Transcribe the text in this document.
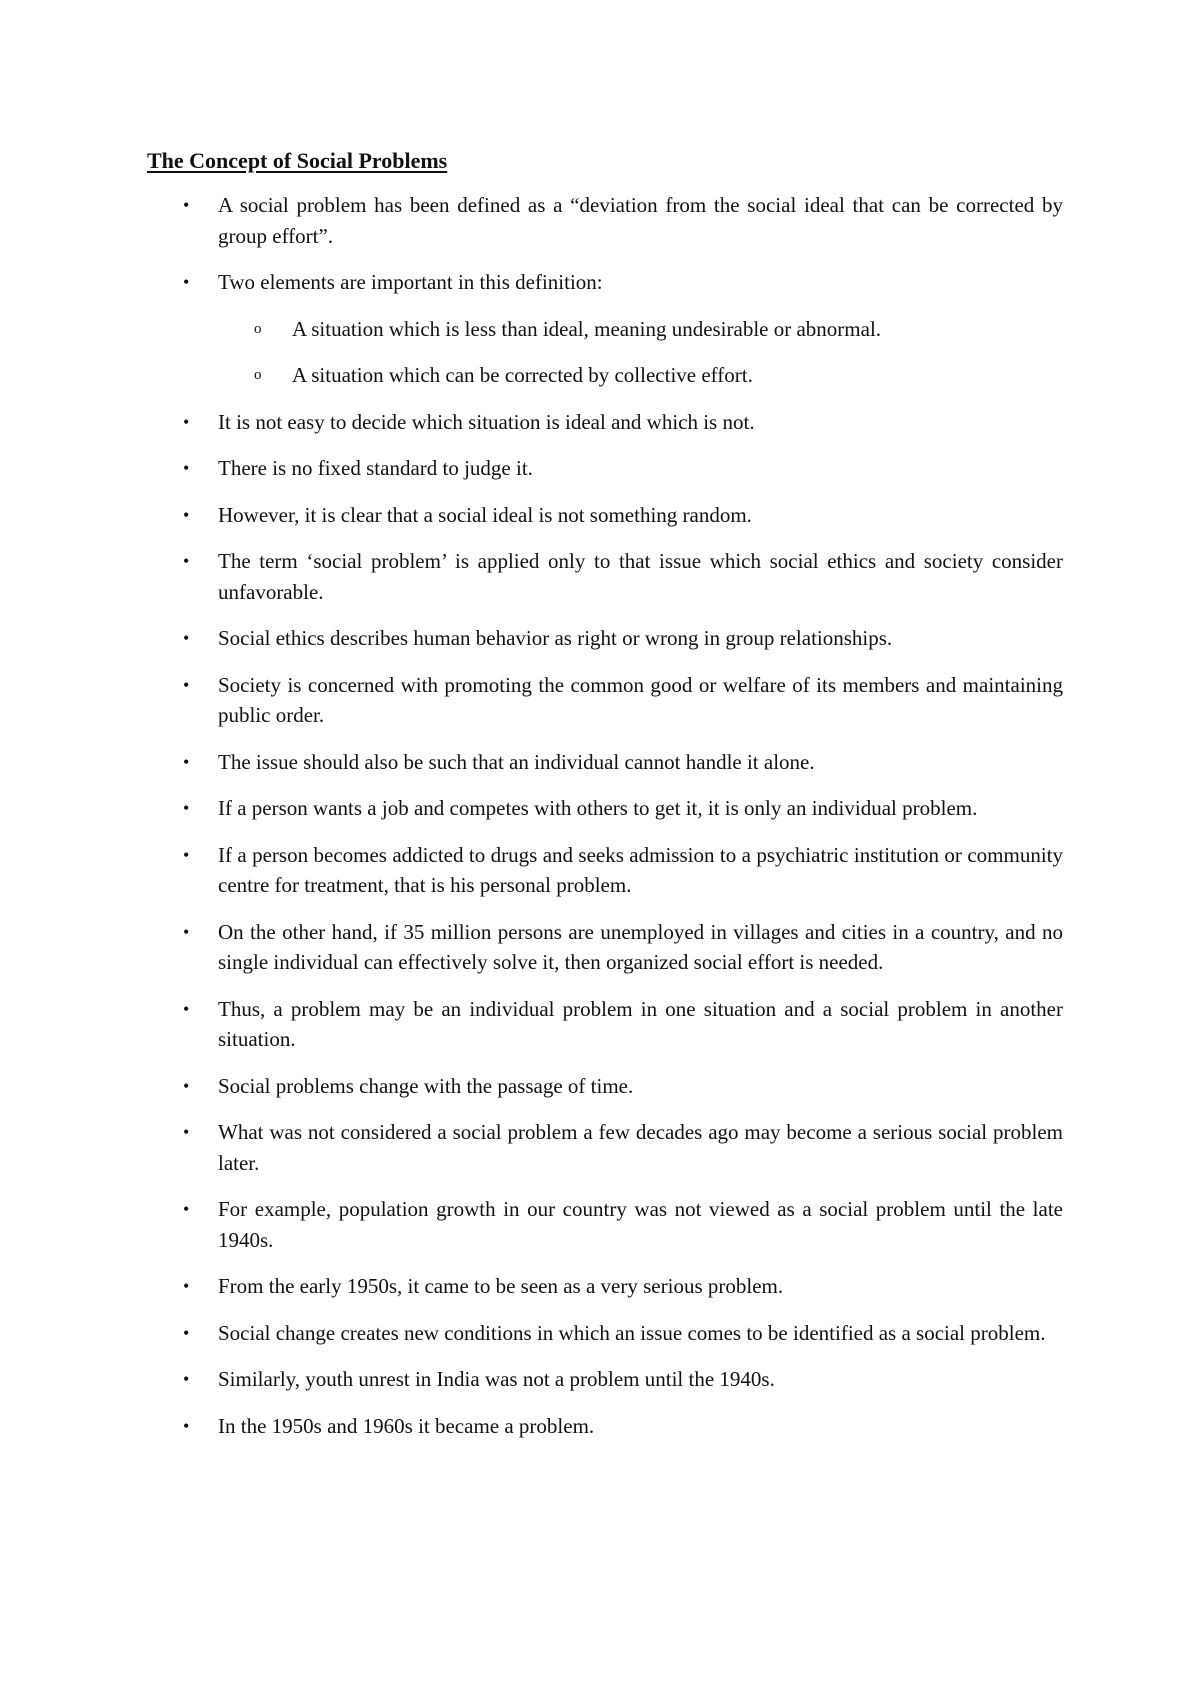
The Concept of Social Problems
• A social problem has been defined as a “deviation from the social ideal that can be corrected by group effort”.
• Two elements are important in this definition:
o A situation which is less than ideal, meaning undesirable or abnormal.
o A situation which can be corrected by collective effort.
• It is not easy to decide which situation is ideal and which is not.
• There is no fixed standard to judge it.
• However, it is clear that a social ideal is not something random.
• The term ‘social problem’ is applied only to that issue which social ethics and society consider unfavorable.
• Social ethics describes human behavior as right or wrong in group relationships.
• Society is concerned with promoting the common good or welfare of its members and maintaining public order.
• The issue should also be such that an individual cannot handle it alone.
• If a person wants a job and competes with others to get it, it is only an individual problem.
• If a person becomes addicted to drugs and seeks admission to a psychiatric institution or community centre for treatment, that is his personal problem.
• On the other hand, if 35 million persons are unemployed in villages and cities in a country, and no single individual can effectively solve it, then organized social effort is needed.
• Thus, a problem may be an individual problem in one situation and a social problem in another situation.
• Social problems change with the passage of time.
• What was not considered a social problem a few decades ago may become a serious social problem later.
• For example, population growth in our country was not viewed as a social problem until the late 1940s.
• From the early 1950s, it came to be seen as a very serious problem.
• Social change creates new conditions in which an issue comes to be identified as a social problem.
• Similarly, youth unrest in India was not a problem until the 1940s.
• In the 1950s and 1960s it became a problem.
